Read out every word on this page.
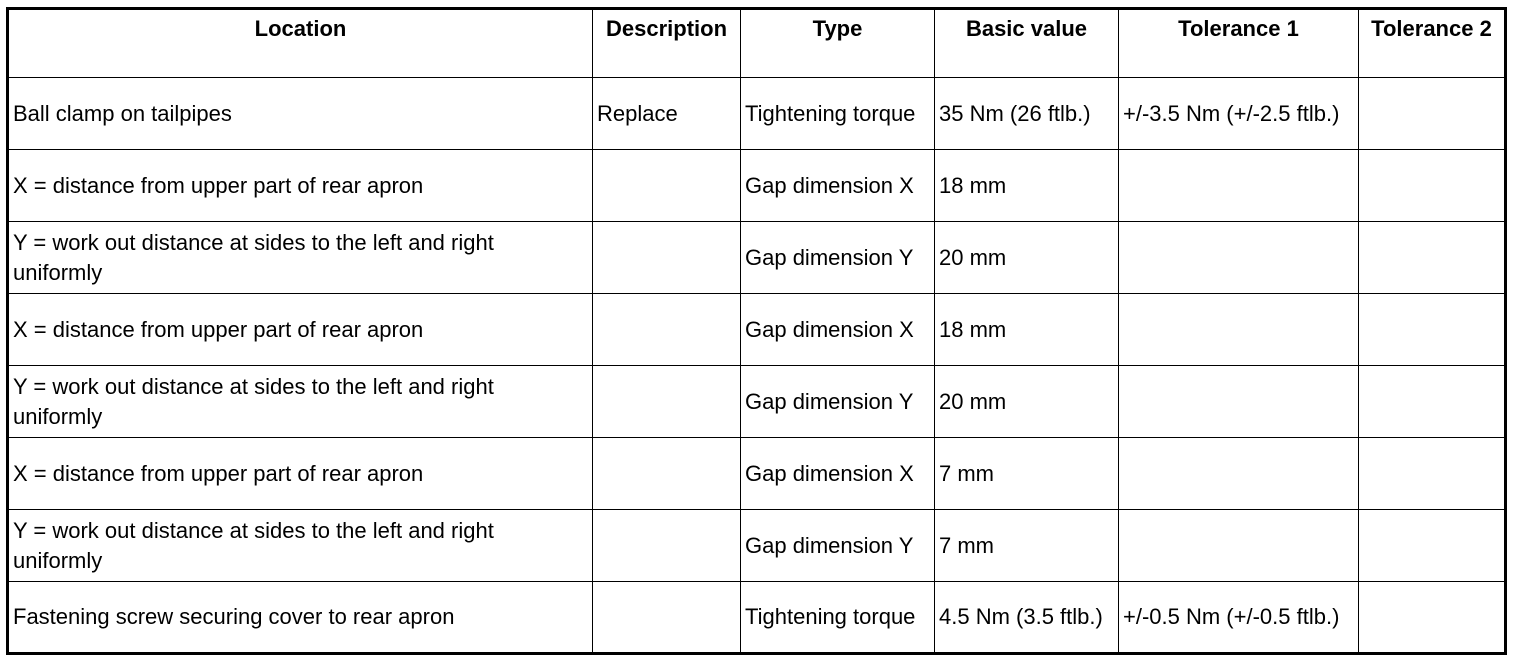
Location	Description	Type	Basic value	Tolerance 1	Tolerance 2
Ball clamp on tailpipes	Replace	Tightening torque	35 Nm (26 ftlb.)	+/-3.5 Nm (+/-2.5 ftlb.)	
X = distance from upper part of rear apron		Gap dimension X	18 mm		
Y = work out distance at sides to the left and right uniformly		Gap dimension Y	20 mm		
X = distance from upper part of rear apron		Gap dimension X	18 mm		
Y = work out distance at sides to the left and right uniformly		Gap dimension Y	20 mm		
X = distance from upper part of rear apron		Gap dimension X	7 mm		
Y = work out distance at sides to the left and right uniformly		Gap dimension Y	7 mm		
Fastening screw securing cover to rear apron		Tightening torque	4.5 Nm (3.5 ftlb.)	+/-0.5 Nm (+/-0.5 ftlb.)	
